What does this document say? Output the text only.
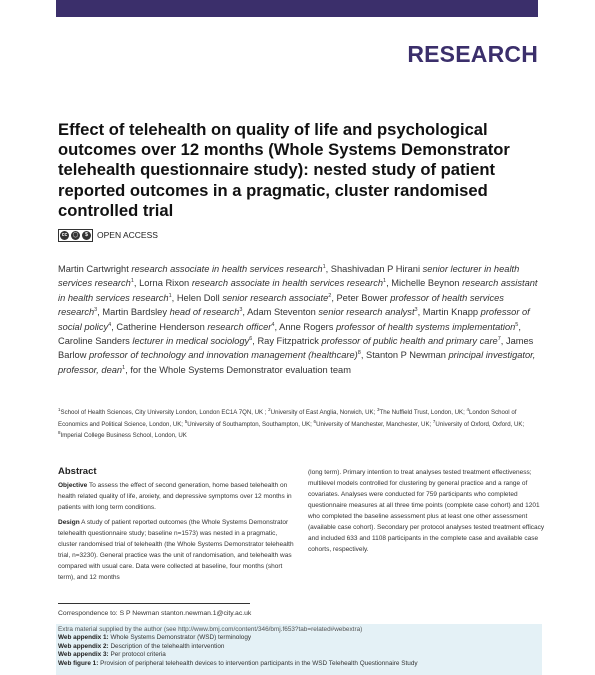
RESEARCH
Effect of telehealth on quality of life and psychological outcomes over 12 months (Whole Systems Demonstrator telehealth questionnaire study): nested study of patient reported outcomes in a pragmatic, cluster randomised controlled trial
cc	◯	$	OPEN ACCESS
Martin Cartwright research associate in health services research$^1$, Shashivadan P Hirani senior lecturer in health services research$^1$, Lorna Rixon research associate in health services research$^1$, Michelle Beynon research assistant in health services research$^1$, Helen Doll senior research associate$^2$, Peter Bower professor of health services research$^3$, Martin Bardsley head of research$^3$, Adam Steventon senior research analyst$^3$, Martin Knapp professor of social policy$^4$, Catherine Henderson research officer$^4$, Anne Rogers professor of health systems implementation$^5$, Caroline Sanders lecturer in medical sociology$^6$, Ray Fitzpatrick professor of public health and primary care$^7$, James Barlow professor of technology and innovation management (healthcare)$^8$, Stanton P Newman principal investigator, professor, dean$^1$, for the Whole Systems Demonstrator evaluation team
$^1$School of Health Sciences, City University London, London EC1A 7QN, UK ; $^2$University of East Anglia, Norwich, UK; $^3$The Nuffield Trust, London, UK; $^4$London School of Economics and Political Science, London, UK; $^5$University of Southampton, Southampton, UK; $^6$University of Manchester, Manchester, UK; $^7$University of Oxford, Oxford, UK; $^8$Imperial College Business School, London, UK
Abstract

Objective To assess the effect of second generation, home based telehealth on health related quality of life, anxiety, and depressive symptoms over 12 months in patients with long term conditions.

Design A study of patient reported outcomes (the Whole Systems Demonstrator telehealth questionnaire study; baseline n=1573) was nested in a pragmatic, cluster randomised trial of telehealth (the Whole Systems Demonstrator telehealth trial, n=3230). General practice was the unit of randomisation, and telehealth was compared with usual care. Data were collected at baseline, four months (short term), and 12 months

(long term). Primary intention to treat analyses tested treatment effectiveness; multilevel models controlled for clustering by general practice and a range of covariates. Analyses were conducted for 759 participants who completed questionnaire measures at all three time points (complete case cohort) and 1201 who completed the baseline assessment plus at least one other assessment (available case cohort). Secondary per protocol analyses tested treatment efficacy and included 633 and 1108 participants in the complete case and available case cohorts, respectively.

Correspondence to: S P Newman stanton.newman.1@city.ac.uk
Extra material supplied by the author (see http://www.bmj.com/content/346/bmj.f653?tab=related#webextra)
Web appendix 1: Whole Systems Demonstrator (WSD) terminology
Web appendix 2: Description of the telehealth intervention
Web appendix 3: Per protocol criteria
Web figure 1: Provision of peripheral telehealth devices to intervention participants in the WSD Telehealth Questionnaire Study
